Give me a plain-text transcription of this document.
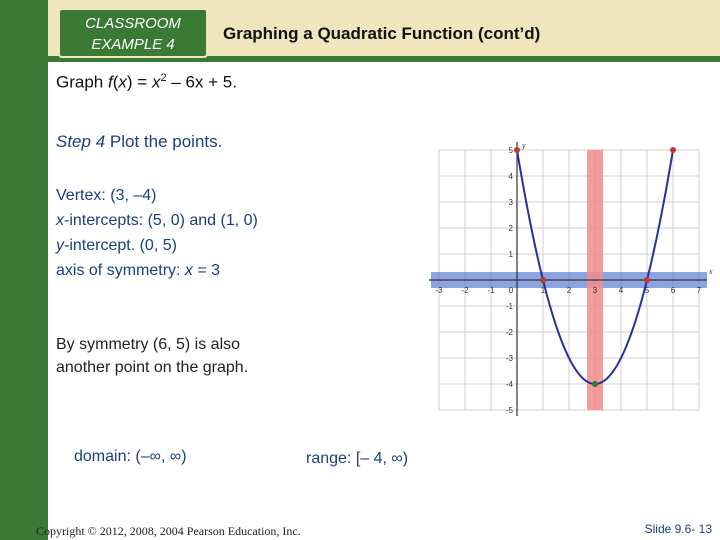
CLASSROOM
EXAMPLE 4
Graphing a Quadratic Function (cont’d)
Graph $f(x) = x^2 - 6x + 5$.
Step 4 Plot the points.
Vertex: (3, –4)
x-intercepts: (5, 0) and (1, 0)
y-intercept. (0, 5)
axis of symmetry: x = 3
By symmetry (6, 5) is also
another point on the graph.
domain: (–∞, ∞)	range: [– 4, ∞)
-3 -2 -1 0	1	2	3	4	5	6	7
5
4
3
2
1
-1
-2
-3
-4
-5
x
y
Copyright © 2012, 2008, 2004 Pearson Education, Inc.	Slide 9.6- 13
